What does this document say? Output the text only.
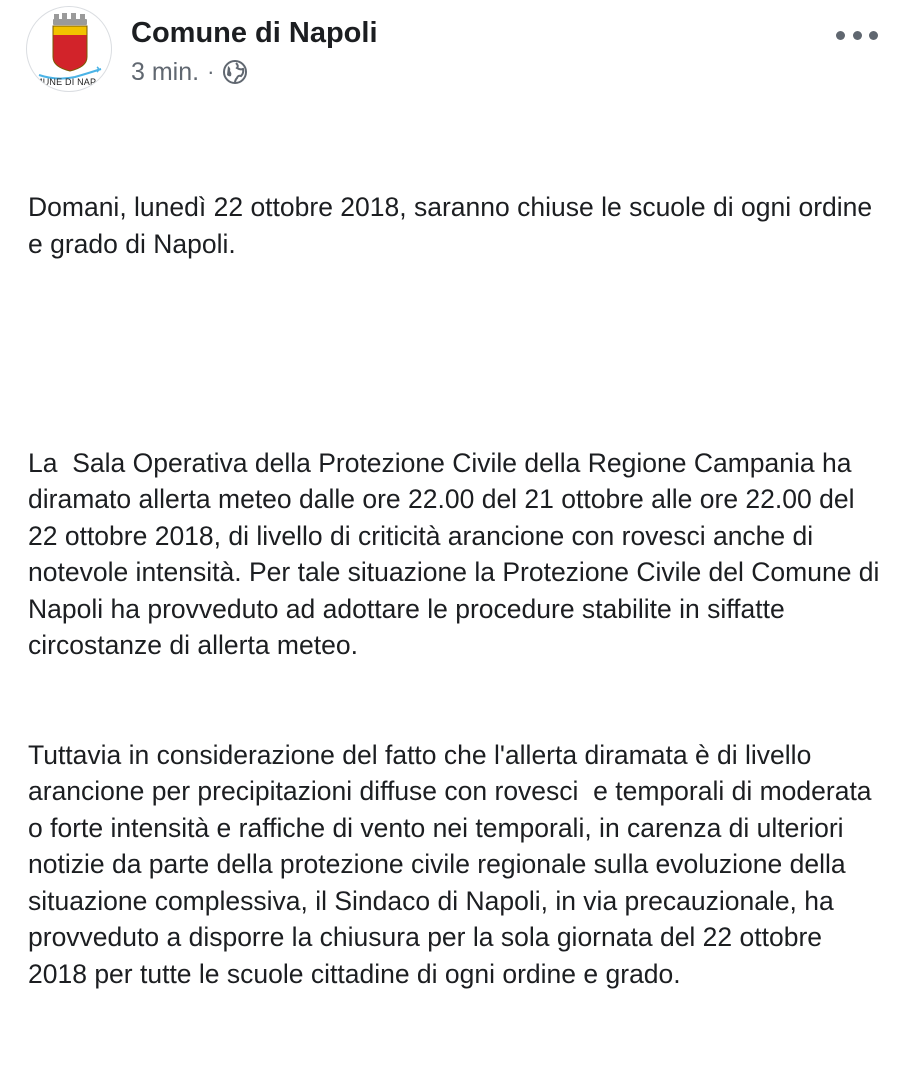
MUNE DI NAP
Comune di Napoli
3 min. ·

Domani, lunedì 22 ottobre 2018, saranno chiuse le scuole di ogni ordine e grado di Napoli.

La  Sala Operativa della Protezione Civile della Regione Campania ha diramato allerta meteo dalle ore 22.00 del 21 ottobre alle ore 22.00 del 22 ottobre 2018, di livello di criticità arancione con rovesci anche di notevole intensità. Per tale situazione la Protezione Civile del Comune di Napoli ha provveduto ad adottare le procedure stabilite in siffatte circostanze di allerta meteo.

Tuttavia in considerazione del fatto che l'allerta diramata è di livello arancione per precipitazioni diffuse con rovesci  e temporali di moderata o forte intensità e raffiche di vento nei temporali, in carenza di ulteriori notizie da parte della protezione civile regionale sulla evoluzione della situazione complessiva, il Sindaco di Napoli, in via precauzionale, ha provveduto a disporre la chiusura per la sola giornata del 22 ottobre 2018 per tutte le scuole cittadine di ogni ordine e grado.
